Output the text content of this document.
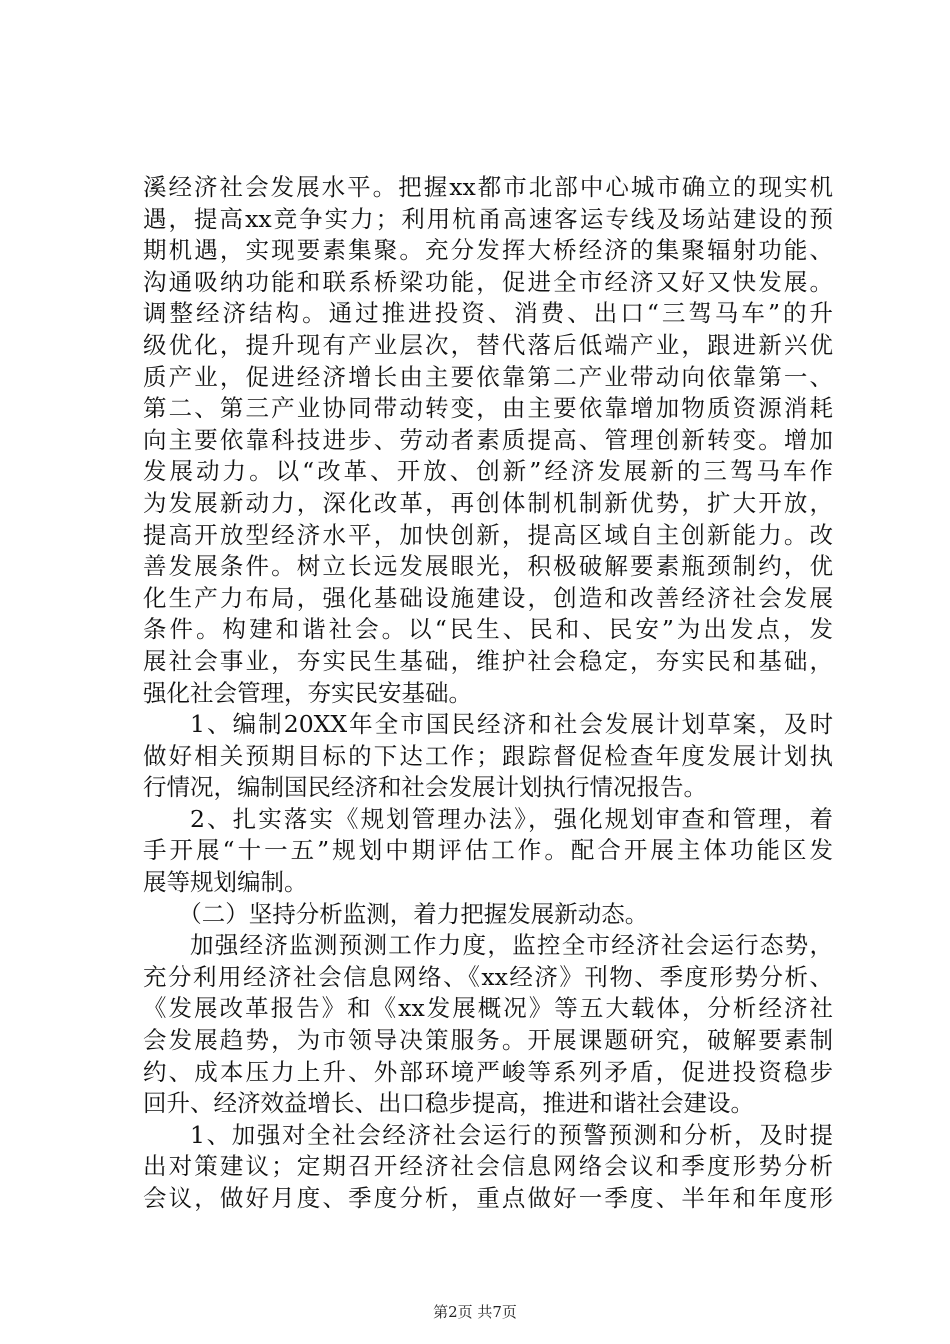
溪经济社会发展水平。把握xx都市北部中心城市确立的现实机
遇，提高xx竞争实力；利用杭甬高速客运专线及场站建设的预
期机遇，实现要素集聚。充分发挥大桥经济的集聚辐射功能、
沟通吸纳功能和联系桥梁功能，促进全市经济又好又快发展。
调整经济结构。通过推进投资、消费、出口“三驾马车”的升
级优化，提升现有产业层次，替代落后低端产业，跟进新兴优
质产业，促进经济增长由主要依靠第二产业带动向依靠第一、
第二、第三产业协同带动转变，由主要依靠增加物质资源消耗
向主要依靠科技进步、劳动者素质提高、管理创新转变。增加
发展动力。以“改革、开放、创新”经济发展新的三驾马车作
为发展新动力，深化改革，再创体制机制新优势，扩大开放，
提高开放型经济水平，加快创新，提高区域自主创新能力。改
善发展条件。树立长远发展眼光，积极破解要素瓶颈制约，优
化生产力布局，强化基础设施建设，创造和改善经济社会发展
条件。构建和谐社会。以“民生、民和、民安”为出发点，发
展社会事业，夯实民生基础，维护社会稳定，夯实民和基础，
强化社会管理，夯实民安基础。
1、编制20XX年全市国民经济和社会发展计划草案，及时
做好相关预期目标的下达工作；跟踪督促检查年度发展计划执
行情况，编制国民经济和社会发展计划执行情况报告。
2、扎实落实《规划管理办法》，强化规划审查和管理，着
手开展“十一五”规划中期评估工作。配合开展主体功能区发
展等规划编制。
（二）坚持分析监测，着力把握发展新动态。
加强经济监测预测工作力度，监控全市经济社会运行态势，
充分利用经济社会信息网络、《xx经济》刊物、季度形势分析、
《发展改革报告》和《xx发展概况》等五大载体，分析经济社
会发展趋势，为市领导决策服务。开展课题研究，破解要素制
约、成本压力上升、外部环境严峻等系列矛盾，促进投资稳步
回升、经济效益增长、出口稳步提高，推进和谐社会建设。
1、加强对全社会经济社会运行的预警预测和分析，及时提
出对策建议；定期召开经济社会信息网络会议和季度形势分析
会议，做好月度、季度分析，重点做好一季度、半年和年度形
第2页 共7页
